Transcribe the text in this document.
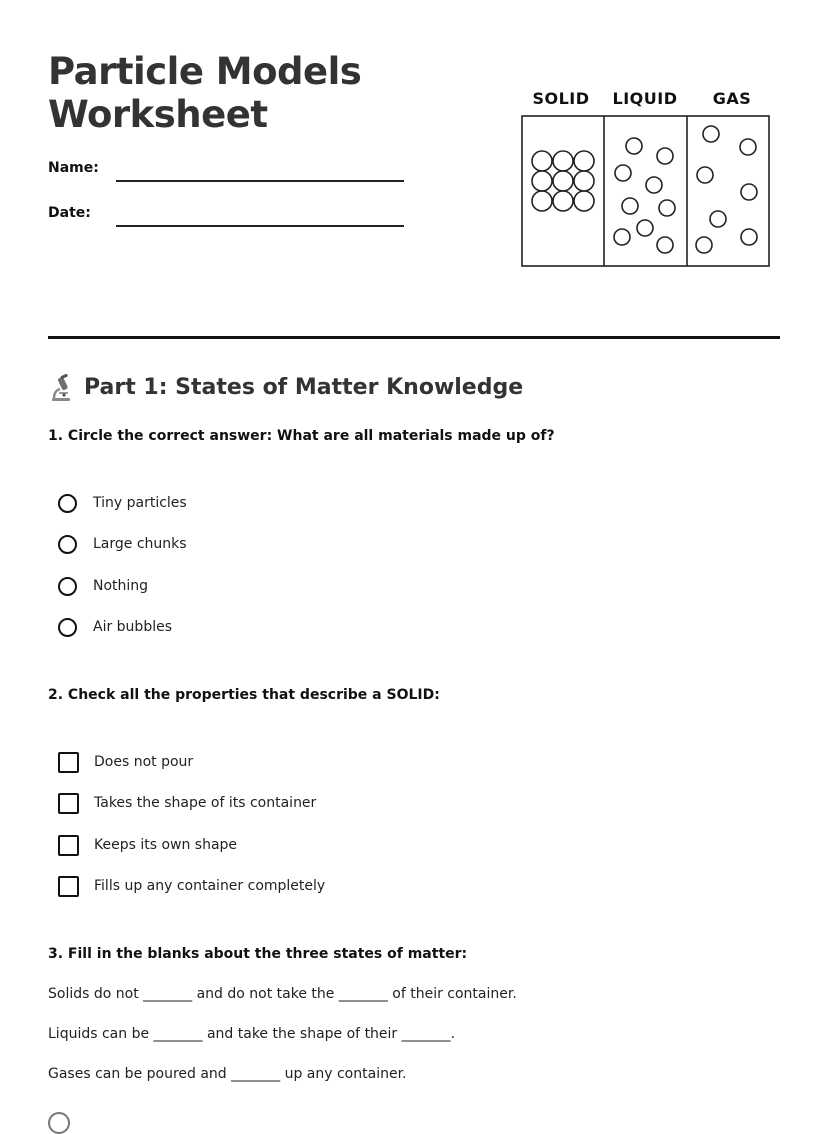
Particle Models
Worksheet
Name:
Date:
SOLID	LIQUID	GAS
Part 1: States of Matter Knowledge

1. Circle the correct answer: What are all materials made up of?

Tiny particles
Large chunks
Nothing
Air bubbles

2. Check all the properties that describe a SOLID:

Does not pour
Takes the shape of its container
Keeps its own shape
Fills up any container completely

3. Fill in the blanks about the three states of matter:

Solids do not _______ and do not take the _______ of their container.

Liquids can be _______ and take the shape of their _______.

Gases can be poured and _______ up any container.
